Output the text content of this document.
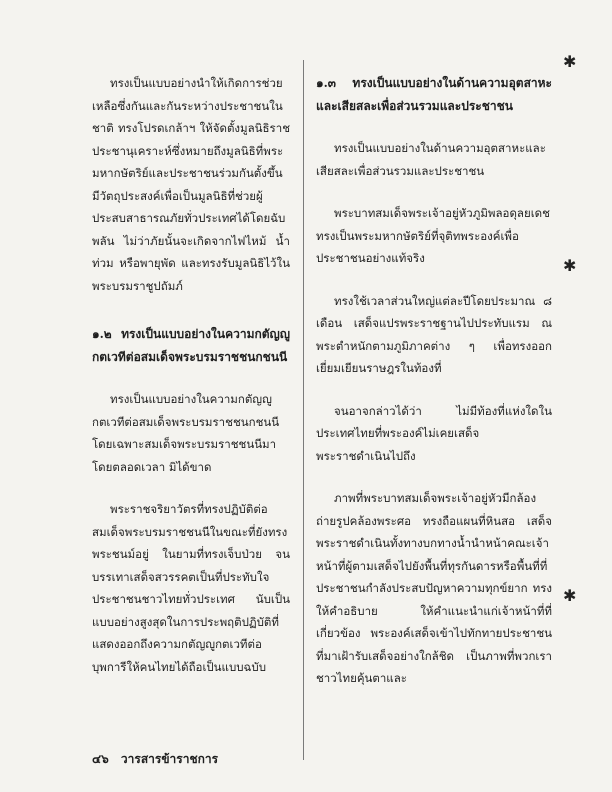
ทรงเป็นแบบอย่างนำให้เกิดการช่วยเหลือซึ่งกันและกันระหว่างประชาชนในชาติ ทรงโปรดเกล้าฯ ให้จัดตั้งมูลนิธิราชประชานุเคราะห์ซึ่งหมายถึงมูลนิธิที่พระมหากษัตริย์และประชาชนร่วมกันตั้งขึ้น มีวัตถุประสงค์เพื่อเป็นมูลนิธิที่ช่วยผู้ประสบสาธารณภัยทั่วประเทศได้โดยฉับพลัน ไม่ว่าภัยนั้นจะเกิดจากไฟไหม้ น้ำท่วม หรือพายุพัด และทรงรับมูลนิธิไว้ในพระบรมราชูปถัมภ์

๑.๒ ทรงเป็นแบบอย่างในความกตัญญูกตเวทีต่อสมเด็จพระบรมราชชนกชนนี

ทรงเป็นแบบอย่างในความกตัญญูกตเวทีต่อสมเด็จพระบรมราชชนกชนนี โดยเฉพาะสมเด็จพระบรมราชชนนีมาโดยตลอดเวลา มิได้ขาด

พระราชจริยาวัตรที่ทรงปฏิบัติต่อสมเด็จพระบรมราชชนนีในขณะที่ยังทรงพระชนม์อยู่ ในยามที่ทรงเจ็บป่วย จนบรรเทาเสด็จสวรรคตเป็นที่ประทับใจประชาชนชาวไทยทั่วประเทศ นับเป็นแบบอย่างสูงสุดในการประพฤติปฏิบัติที่แสดงออกถึงความกตัญญูกตเวทีต่อบุพการีให้คนไทยได้ถือเป็นแบบฉบับ

๑.๓ ทรงเป็นแบบอย่างในด้านความอุตสาหะและเสียสละเพื่อส่วนรวมและประชาชน

ทรงเป็นแบบอย่างในด้านความอุตสาหะและเสียสละเพื่อส่วนรวมและประชาชน

พระบาทสมเด็จพระเจ้าอยู่หัวภูมิพลอดุลยเดชทรงเป็นพระมหากษัตริย์ที่จุติทพระองค์เพื่อประชาชนอย่างแท้จริง

ทรงใช้เวลาส่วนใหญ่แต่ละปีโดยประมาณ ๘ เดือน เสด็จแปรพระราชฐานไปประทับแรม ณ พระตำหนักตามภูมิภาคต่าง ๆ เพื่อทรงออกเยี่ยมเยียนราษฎรในท้องที่

จนอาจกล่าวได้ว่า ไม่มีท้องที่แห่งใดในประเทศไทยที่พระองค์ไม่เคยเสด็จพระราชดำเนินไปถึง

ภาพที่พระบาทสมเด็จพระเจ้าอยู่หัวมีกล้องถ่ายรูปคล้องพระศอ ทรงถือแผนที่หินสอ เสด็จพระราชดำเนินทั้งทางบกทางน้ำนำหน้าคณะเจ้าหน้าที่ผู้ตามเสด็จไปยังพื้นที่ทุรกันดารหรือพื้นที่ที่ประชาชนกำลังประสบปัญหาความทุกข์ยาก ทรงให้คำอธิบาย ให้คำแนะนำแก่เจ้าหน้าที่ที่เกี่ยวข้อง พระองค์เสด็จเข้าไปทักทายประชาชนที่มาเฝ้ารับเสด็จอย่างใกล้ชิด เป็นภาพที่พวกเราชาวไทยคุ้นตาและ

✱
✱
✱
๔๖ วารสารข้าราชการ
